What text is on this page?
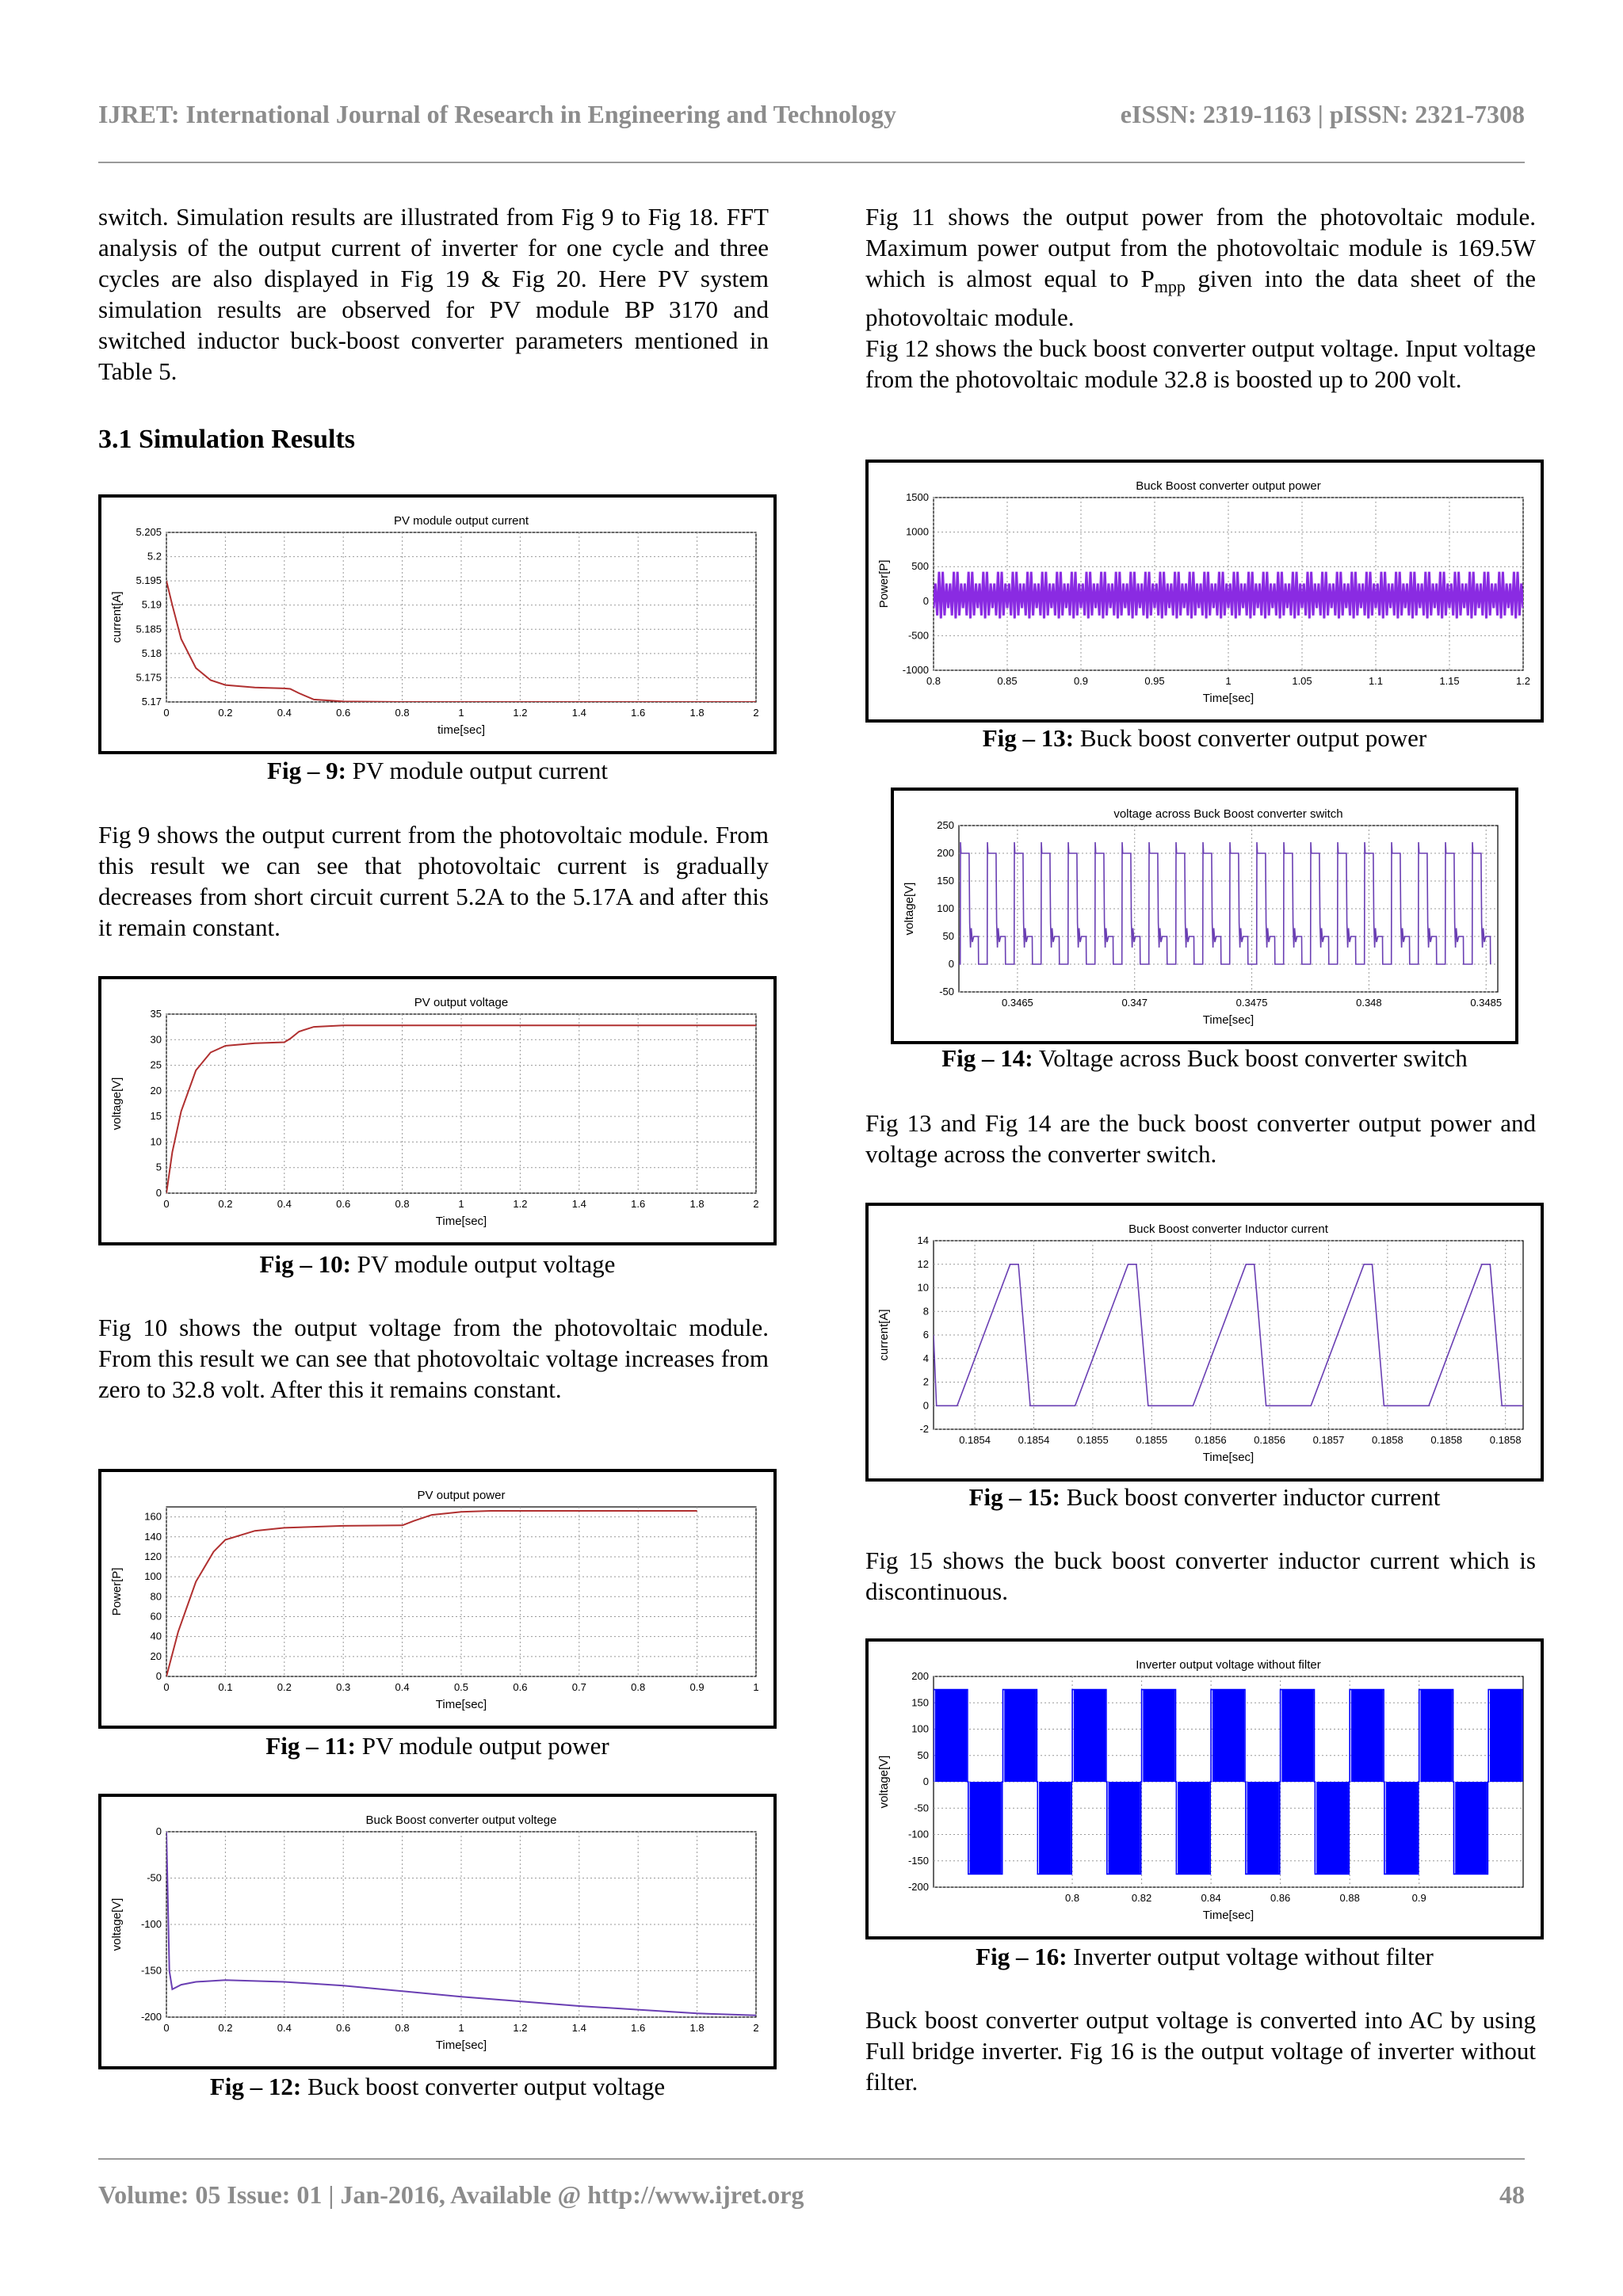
IJRET: International Journal of Research in Engineering and Technology	eISSN: 2319-1163 | pISSN: 2321-7308

switch. Simulation results are illustrated from Fig 9 to Fig 18. FFT analysis of the output current of inverter for one cycle and three cycles are also displayed in Fig 19 & Fig 20. Here PV system simulation results are observed for PV module BP 3170 and switched inductor buck-boost converter parameters mentioned in Table 5.

3.1 Simulation Results

PV module output current
0	0.2	0.4	0.6	0.8	1	1.2	1.4	1.6	1.8	2
5.17
5.175
5.18
5.185
5.19
5.195
5.2
5.205
time[sec]
current[A]

Fig – 9: PV module output current

Fig 9 shows the output current from the photovoltaic module. From this result we can see that photovoltaic current is gradually decreases from short circuit current 5.2A to the 5.17A and after this it remain constant.

PV output voltage
0	0.2	0.4	0.6	0.8	1	1.2	1.4	1.6	1.8	2
0
5
10
15
20
25
30
35
Time[sec]
voltage[V]

Fig – 10: PV module output voltage

Fig 10 shows the output voltage from the photovoltaic module. From this result we can see that photovoltaic voltage increases from zero to 32.8 volt. After this it remains constant.

PV output power
0	0.1	0.2	0.3	0.4	0.5	0.6	0.7	0.8	0.9	1
0
20
40
60
80
100
120
140
160
Time[sec]
Power[P]

Fig – 11: PV module output power

Buck Boost converter output voltege
0	0.2	0.4	0.6	0.8	1	1.2	1.4	1.6	1.8	2
0
-50
-100
-150
-200
Time[sec]
voltage[V]

Fig – 12: Buck boost converter output voltage

Fig 11 shows the output power from the photovoltaic module. Maximum power output from the photovoltaic module is 169.5W which is almost equal to $P_{mpp}$ given into the data sheet of the photovoltaic module.

Fig 12 shows the buck boost converter output voltage. Input voltage from the photovoltaic module 32.8 is boosted up to 200 volt.

Buck Boost converter output power
0.8	0.85	0.9	0.95	1	1.05	1.1	1.15	1.2
-1000
-500
0
500
1000
1500
Time[sec]
Power[P]

Fig – 13: Buck boost converter output power

voltage across Buck Boost converter switch
0.3465	0.347	0.3475	0.348	0.3485
-50
0
50
100
150
200
250
Time[sec]
voltage[V]

Fig – 14: Voltage across Buck boost converter switch

Fig 13 and Fig 14 are the buck boost converter output power and voltage across the converter switch.

Buck Boost converter Inductor current
0.1854	0.1854	0.1855	0.1855	0.1856	0.1856	0.1857	0.1858	0.1858	0.1858
-2
0
2
4
6
8
10
12
14
Time[sec]
current[A]

Fig – 15: Buck boost converter inductor current

Fig 15 shows the buck boost converter inductor current which is discontinuous.

Inverter output voltage without filter
0.8	0.82	0.84	0.86	0.88	0.9
-200
-150
-100
-50
0
50
100
150
200
Time[sec]
voltage[V]

Fig – 16: Inverter output voltage without filter

Buck boost converter output voltage is converted into AC by using Full bridge inverter. Fig 16 is the output voltage of inverter without filter.

Volume: 05 Issue: 01 | Jan-2016, Available @ http://www.ijret.org	48
